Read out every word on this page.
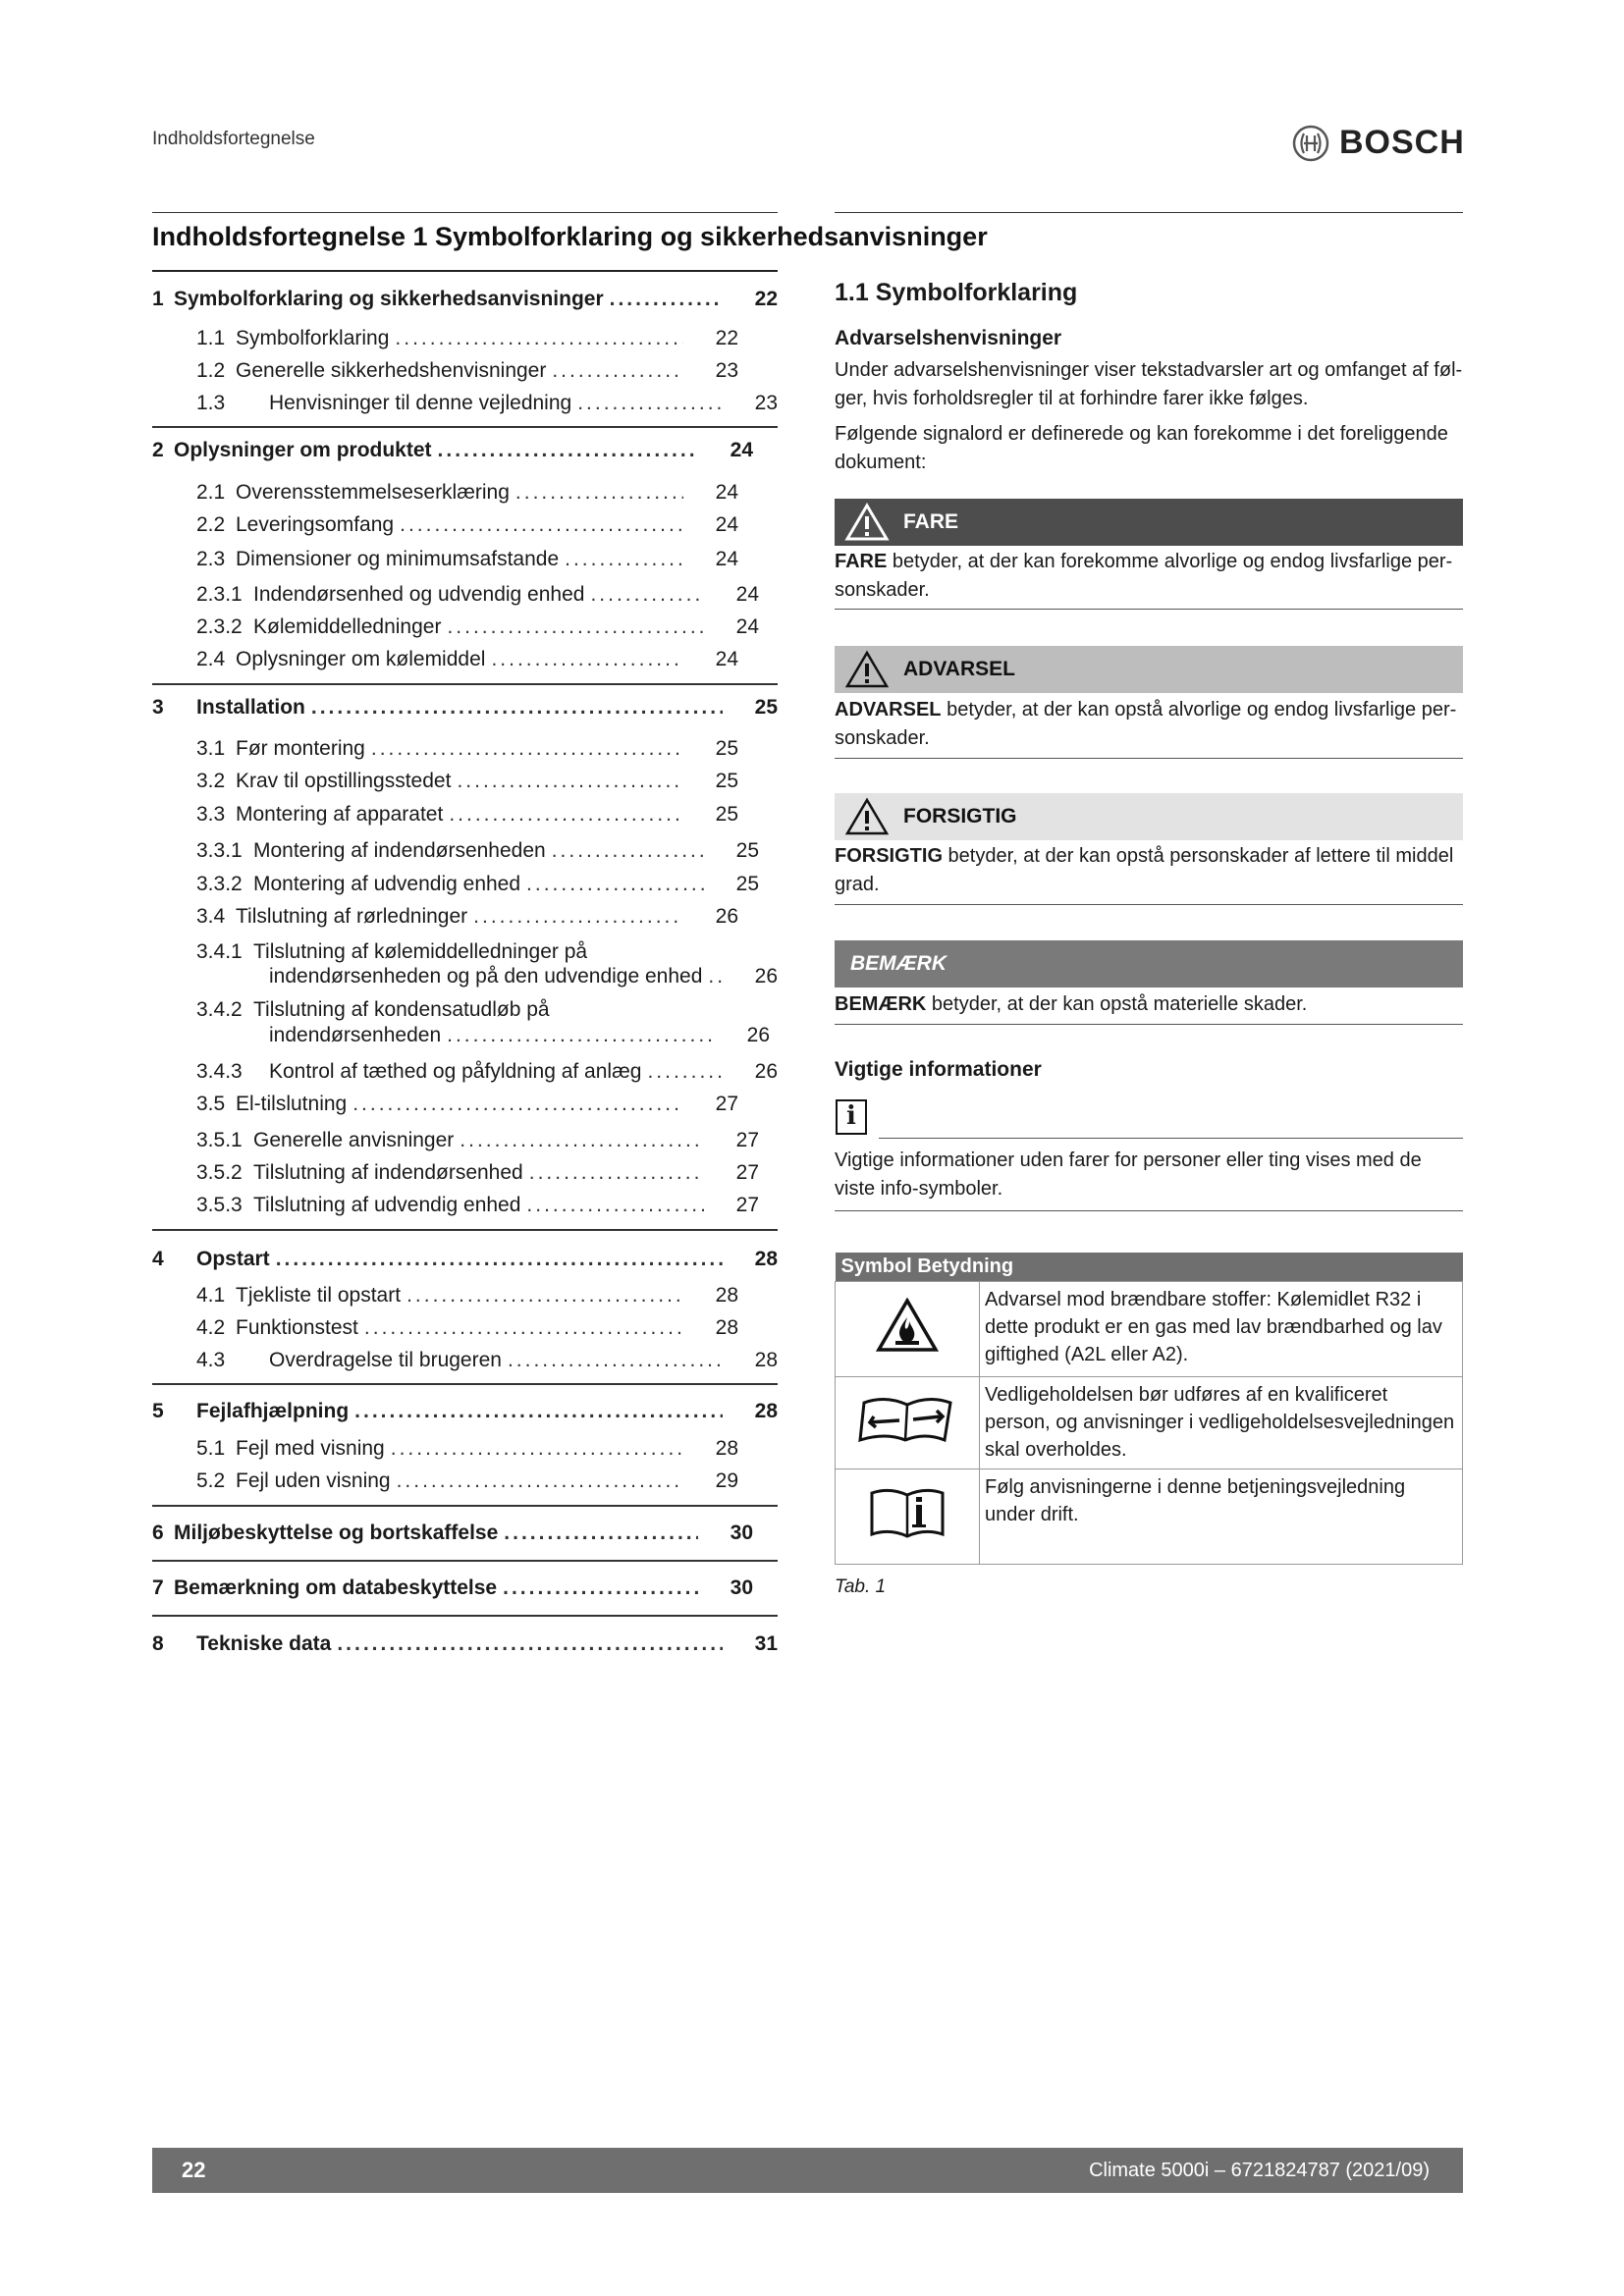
Indholdsfortegnelse	BOSCH
Indholdsfortegnelse 1 Symbolforklaring og sikkerhedsanvisninger
1 Symbolforklaring og sikkerhedsanvisninger .....	22
1.1 Symbolforklaring .....	22
1.2 Generelle sikkerhedshenvisninger .....	23
1.3	Henvisninger til denne vejledning .....	23
2 Oplysninger om produktet .....	24
2.1 Overensstemmelseserklæring .....	24
2.2 Leveringsomfang .....	24
2.3 Dimensioner og minimumsafstande .....	24
2.3.1 Indendørsenhed og udvendig enhed .....	24
2.3.2 Kølemiddelledninger .....	24
2.4 Oplysninger om kølemiddel .....	24
3	Installation .....	25
3.1 Før montering .....	25
3.2 Krav til opstillingsstedet .....	25
3.3 Montering af apparatet .....	25
3.3.1 Montering af indendørsenheden .....	25
3.3.2 Montering af udvendig enhed .....	25
3.4 Tilslutning af rørledninger .....	26
3.4.1 Tilslutning af kølemiddelledninger på
indendørsenheden og på den udvendige enhed .....	26
3.4.2 Tilslutning af kondensatudløb på
indendørsenheden .....	26
3.4.3	Kontrol af tæthed og påfyldning af anlæg .....	26
3.5 El-tilslutning .....	27
3.5.1 Generelle anvisninger .....	27
3.5.2 Tilslutning af indendørsenhed .....	27
3.5.3 Tilslutning af udvendig enhed .....	27
4	Opstart .....	28
4.1 Tjekliste til opstart .....	28
4.2 Funktionstest .....	28
4.3	Overdragelse til brugeren .....	28
5	Fejlafhjælpning .....	28
5.1 Fejl med visning .....	28
5.2 Fejl uden visning .....	29
6 Miljøbeskyttelse og bortskaffelse .....	30
7 Bemærkning om databeskyttelse .....	30
8	Tekniske data .....	31
1.1 Symbolforklaring
Advarselshenvisninger
Under advarselshenvisninger viser tekstadvarsler art og omfanget af føl-ger, hvis forholdsregler til at forhindre farer ikke følges.
Følgende signalord er definerede og kan forekomme i det foreliggende dokument:
FARE
FARE betyder, at der kan forekomme alvorlige og endog livsfarlige per-sonskader.
ADVARSEL
ADVARSEL betyder, at der kan opstå alvorlige og endog livsfarlige per-sonskader.
FORSIGTIG
FORSIGTIG betyder, at der kan opstå personskader af lettere til middel grad.
BEMÆRK
BEMÆRK betyder, at der kan opstå materielle skader.
Vigtige informationer
i
Vigtige informationer uden farer for personer eller ting vises med de viste info-symboler.
Symbol Betydning	
	Advarsel mod brændbare stoffer: Kølemidlet R32 i dette produkt er en gas med lav brændbarhed og lav giftighed (A2L eller A2).
	Vedligeholdelsen bør udføres af en kvalificeret person, og anvisninger i vedligeholdelsesvejledningen skal overholdes.
	Følg anvisningerne i denne betjeningsvejledning under drift.
Tab. 1
22	Climate 5000i – 6721824787 (2021/09)
